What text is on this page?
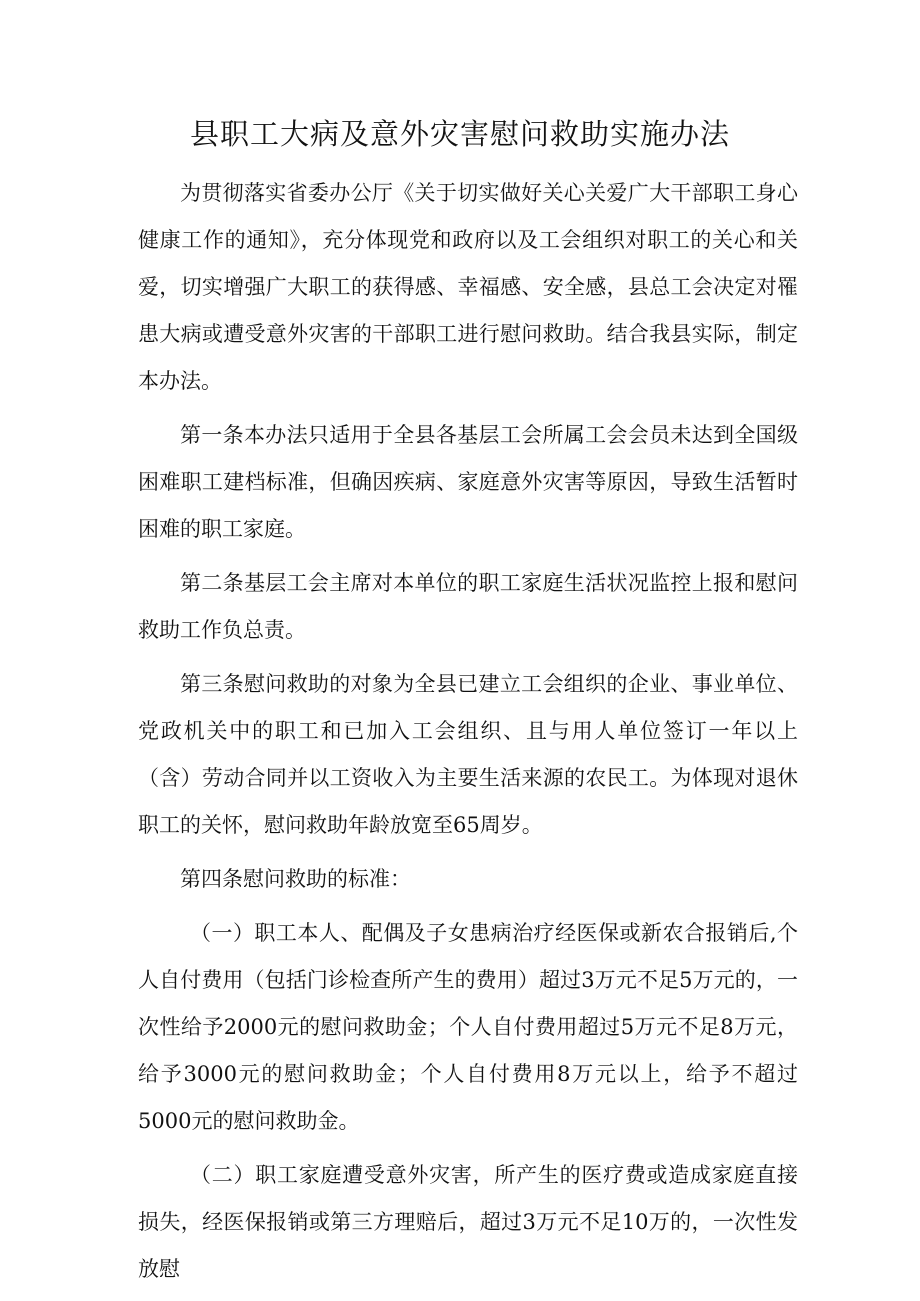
县职工大病及意外灾害慰问救助实施办法

为贯彻落实省委办公厅《关于切实做好关心关爱广大干部职工身心健康工作的通知》，充分体现党和政府以及工会组织对职工的关心和关爱，切实增强广大职工的获得感、幸福感、安全感，县总工会决定对罹患大病或遭受意外灾害的干部职工进行慰问救助。结合我县实际，制定本办法。

第一条本办法只适用于全县各基层工会所属工会会员未达到全国级困难职工建档标准，但确因疾病、家庭意外灾害等原因，导致生活暂时困难的职工家庭。

第二条基层工会主席对本单位的职工家庭生活状况监控上报和慰问救助工作负总责。

第三条慰问救助的对象为全县已建立工会组织的企业、事业单位、党政机关中的职工和已加入工会组织、且与用人单位签订一年以上（含）劳动合同并以工资收入为主要生活来源的农民工。为体现对退休职工的关怀，慰问救助年龄放宽至65周岁。

第四条慰问救助的标准：

（一）职工本人、配偶及子女患病治疗经医保或新农合报销后,个人自付费用（包括门诊检查所产生的费用）超过3万元不足5万元的，一次性给予2000元的慰问救助金；个人自付费用超过5万元不足8万元，给予3000元的慰问救助金；个人自付费用8万元以上，给予不超过5000元的慰问救助金。

（二）职工家庭遭受意外灾害，所产生的医疗费或造成家庭直接损失，经医保报销或第三方理赔后，超过3万元不足10万的，一次性发放慰
